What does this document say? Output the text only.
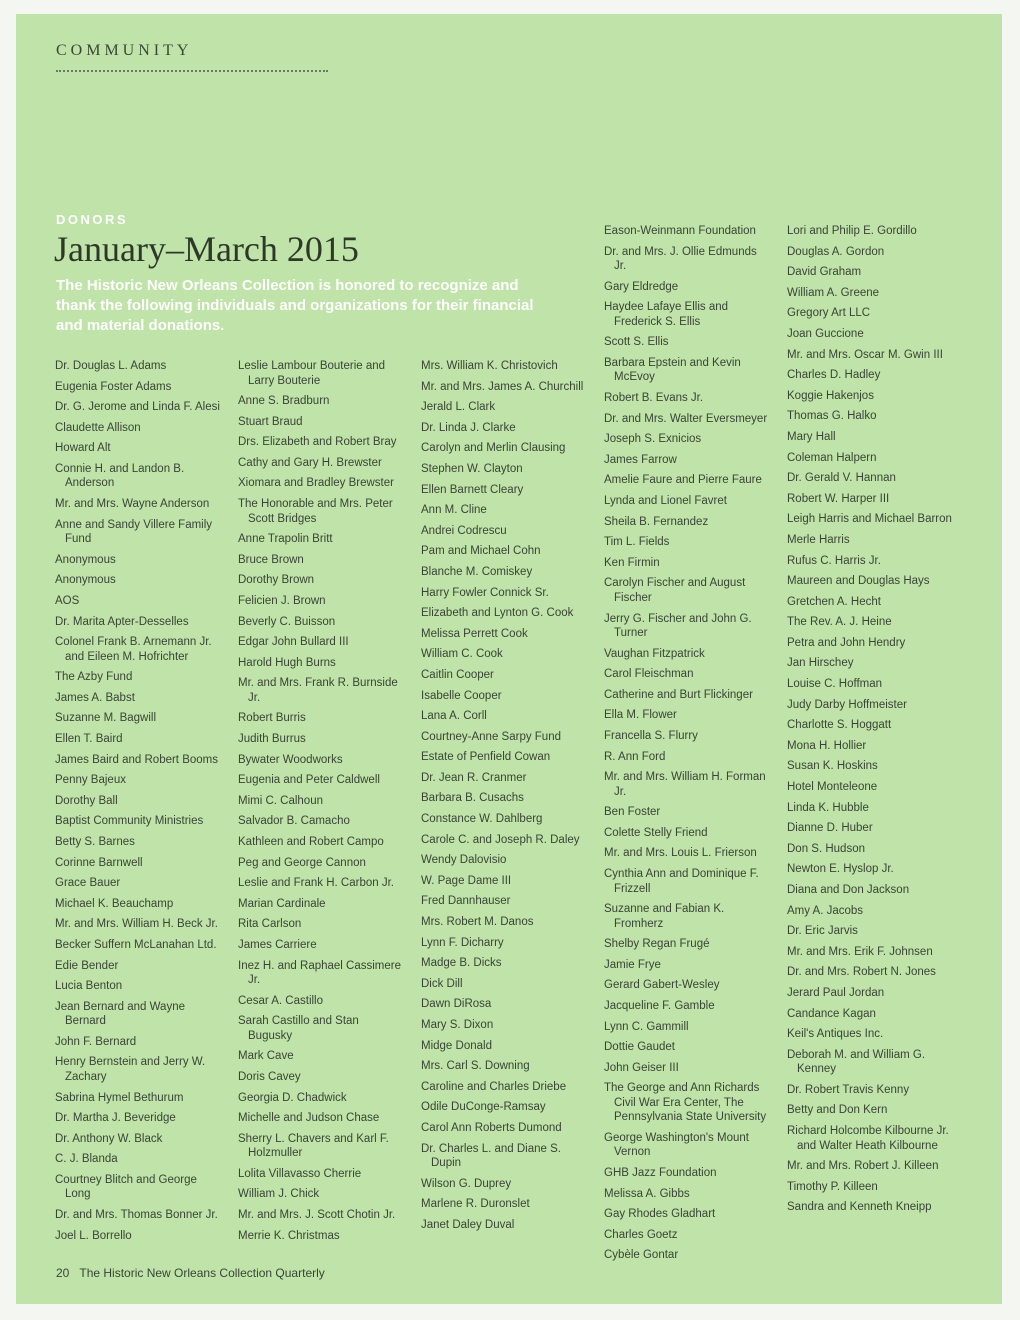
COMMUNITY
DONORS
January–March 2015
The Historic New Orleans Collection is honored to recognize and thank the following individuals and organizations for their financial and material donations.
Dr. Douglas L. Adams
Eugenia Foster Adams
Dr. G. Jerome and Linda F. Alesi
Claudette Allison
Howard Alt
Connie H. and Landon B. Anderson
Mr. and Mrs. Wayne Anderson
Anne and Sandy Villere Family Fund
Anonymous
Anonymous
AOS
Dr. Marita Apter-Desselles
Colonel Frank B. Arnemann Jr. and Eileen M. Hofrichter
The Azby Fund
James A. Babst
Suzanne M. Bagwill
Ellen T. Baird
James Baird and Robert Booms
Penny Bajeux
Dorothy Ball
Baptist Community Ministries
Betty S. Barnes
Corinne Barnwell
Grace Bauer
Michael K. Beauchamp
Mr. and Mrs. William H. Beck Jr.
Becker Suffern McLanahan Ltd.
Edie Bender
Lucia Benton
Jean Bernard and Wayne Bernard
John F. Bernard
Henry Bernstein and Jerry W. Zachary
Sabrina Hymel Bethurum
Dr. Martha J. Beveridge
Dr. Anthony W. Black
C. J. Blanda
Courtney Blitch and George Long
Dr. and Mrs. Thomas Bonner Jr.
Joel L. Borrello
Leslie Lambour Bouterie and Larry Bouterie
Anne S. Bradburn
Stuart Braud
Drs. Elizabeth and Robert Bray
Cathy and Gary H. Brewster
Xiomara and Bradley Brewster
The Honorable and Mrs. Peter Scott Bridges
Anne Trapolin Britt
Bruce Brown
Dorothy Brown
Felicien J. Brown
Beverly C. Buisson
Edgar John Bullard III
Harold Hugh Burns
Mr. and Mrs. Frank R. Burnside Jr.
Robert Burris
Judith Burrus
Bywater Woodworks
Eugenia and Peter Caldwell
Mimi C. Calhoun
Salvador B. Camacho
Kathleen and Robert Campo
Peg and George Cannon
Leslie and Frank H. Carbon Jr.
Marian Cardinale
Rita Carlson
James Carriere
Inez H. and Raphael Cassimere Jr.
Cesar A. Castillo
Sarah Castillo and Stan Bugusky
Mark Cave
Doris Cavey
Georgia D. Chadwick
Michelle and Judson Chase
Sherry L. Chavers and Karl F. Holzmuller
Lolita Villavasso Cherrie
William J. Chick
Mr. and Mrs. J. Scott Chotin Jr.
Merrie K. Christmas
Mrs. William K. Christovich
Mr. and Mrs. James A. Churchill
Jerald L. Clark
Dr. Linda J. Clarke
Carolyn and Merlin Clausing
Stephen W. Clayton
Ellen Barnett Cleary
Ann M. Cline
Andrei Codrescu
Pam and Michael Cohn
Blanche M. Comiskey
Harry Fowler Connick Sr.
Elizabeth and Lynton G. Cook
Melissa Perrett Cook
William C. Cook
Caitlin Cooper
Isabelle Cooper
Lana A. Corll
Courtney-Anne Sarpy Fund
Estate of Penfield Cowan
Dr. Jean R. Cranmer
Barbara B. Cusachs
Constance W. Dahlberg
Carole C. and Joseph R. Daley
Wendy Dalovisio
W. Page Dame III
Fred Dannhauser
Mrs. Robert M. Danos
Lynn F. Dicharry
Madge B. Dicks
Dick Dill
Dawn DiRosa
Mary S. Dixon
Midge Donald
Mrs. Carl S. Downing
Caroline and Charles Driebe
Odile DuConge-Ramsay
Carol Ann Roberts Dumond
Dr. Charles L. and Diane S. Dupin
Wilson G. Duprey
Marlene R. Duronslet
Janet Daley Duval
Eason-Weinmann Foundation
Dr. and Mrs. J. Ollie Edmunds Jr.
Gary Eldredge
Haydee Lafaye Ellis and Frederick S. Ellis
Scott S. Ellis
Barbara Epstein and Kevin McEvoy
Robert B. Evans Jr.
Dr. and Mrs. Walter Eversmeyer
Joseph S. Exnicios
James Farrow
Amelie Faure and Pierre Faure
Lynda and Lionel Favret
Sheila B. Fernandez
Tim L. Fields
Ken Firmin
Carolyn Fischer and August Fischer
Jerry G. Fischer and John G. Turner
Vaughan Fitzpatrick
Carol Fleischman
Catherine and Burt Flickinger
Ella M. Flower
Francella S. Flurry
R. Ann Ford
Mr. and Mrs. William H. Forman Jr.
Ben Foster
Colette Stelly Friend
Mr. and Mrs. Louis L. Frierson
Cynthia Ann and Dominique F. Frizzell
Suzanne and Fabian K. Fromherz
Shelby Regan Frugé
Jamie Frye
Gerard Gabert-Wesley
Jacqueline F. Gamble
Lynn C. Gammill
Dottie Gaudet
John Geiser III
The George and Ann Richards Civil War Era Center, The Pennsylvania State University
George Washington's Mount Vernon
GHB Jazz Foundation
Melissa A. Gibbs
Gay Rhodes Gladhart
Charles Goetz
Cybèle Gontar
Lori and Philip E. Gordillo
Douglas A. Gordon
David Graham
William A. Greene
Gregory Art LLC
Joan Guccione
Mr. and Mrs. Oscar M. Gwin III
Charles D. Hadley
Koggie Hakenjos
Thomas G. Halko
Mary Hall
Coleman Halpern
Dr. Gerald V. Hannan
Robert W. Harper III
Leigh Harris and Michael Barron
Merle Harris
Rufus C. Harris Jr.
Maureen and Douglas Hays
Gretchen A. Hecht
The Rev. A. J. Heine
Petra and John Hendry
Jan Hirschey
Louise C. Hoffman
Judy Darby Hoffmeister
Charlotte S. Hoggatt
Mona H. Hollier
Susan K. Hoskins
Hotel Monteleone
Linda K. Hubble
Dianne D. Huber
Don S. Hudson
Newton E. Hyslop Jr.
Diana and Don Jackson
Amy A. Jacobs
Dr. Eric Jarvis
Mr. and Mrs. Erik F. Johnsen
Dr. and Mrs. Robert N. Jones
Jerard Paul Jordan
Candance Kagan
Keil's Antiques Inc.
Deborah M. and William G. Kenney
Dr. Robert Travis Kenny
Betty and Don Kern
Richard Holcombe Kilbourne Jr. and Walter Heath Kilbourne
Mr. and Mrs. Robert J. Killeen
Timothy P. Killeen
Sandra and Kenneth Kneipp
20 The Historic New Orleans Collection Quarterly
